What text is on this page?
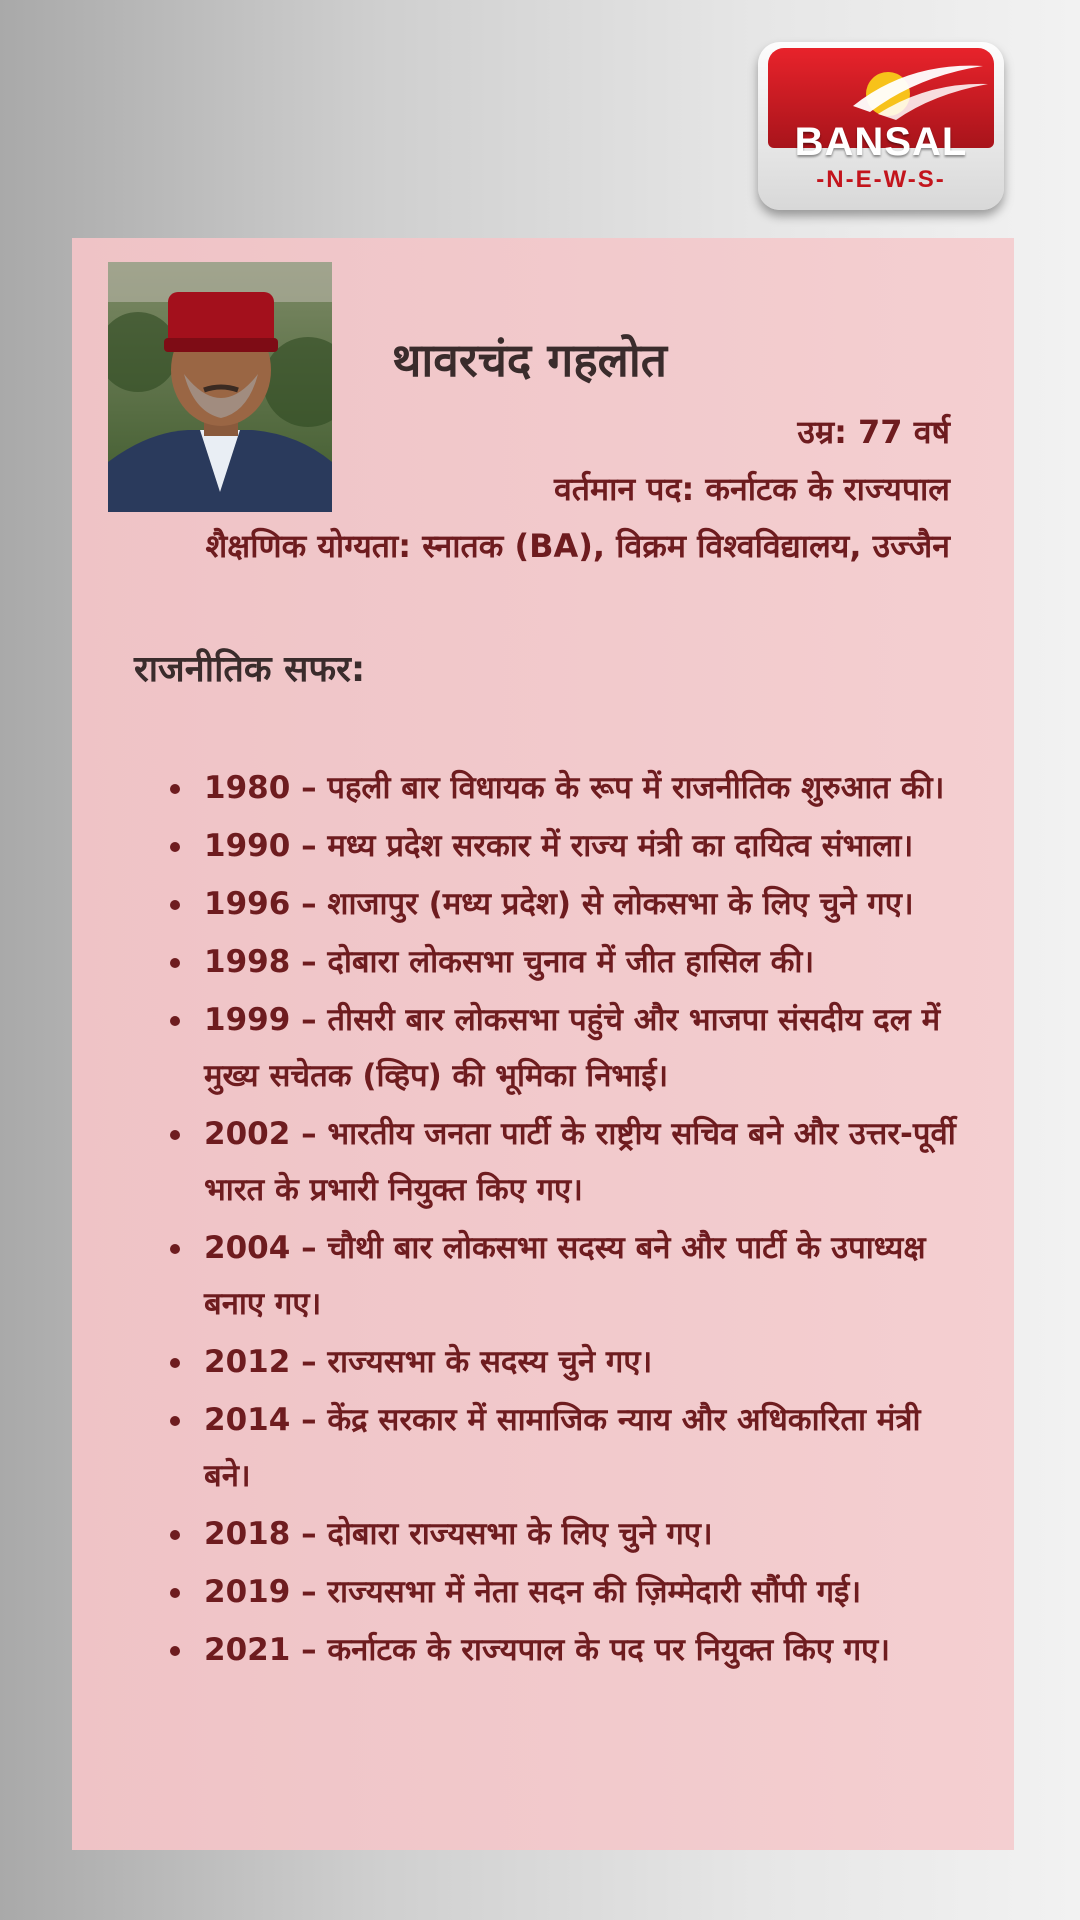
BANSAL
-N-E-W-S-
थावरचंद गहलोत
उम्र: 77 वर्ष
वर्तमान पद: कर्नाटक के राज्यपाल
शैक्षणिक योग्यता: स्नातक (BA), विक्रम विश्वविद्यालय, उज्जैन
राजनीतिक सफर:
1980 – पहली बार विधायक के रूप में राजनीतिक शुरुआत की।
1990 – मध्य प्रदेश सरकार में राज्य मंत्री का दायित्व संभाला।
1996 – शाजापुर (मध्य प्रदेश) से लोकसभा के लिए चुने गए।
1998 – दोबारा लोकसभा चुनाव में जीत हासिल की।
1999 – तीसरी बार लोकसभा पहुंचे और भाजपा संसदीय दल में मुख्य सचेतक (व्हिप) की भूमिका निभाई।
2002 – भारतीय जनता पार्टी के राष्ट्रीय सचिव बने और उत्तर-पूर्वी भारत के प्रभारी नियुक्त किए गए।
2004 – चौथी बार लोकसभा सदस्य बने और पार्टी के उपाध्यक्ष बनाए गए।
2012 – राज्यसभा के सदस्य चुने गए।
2014 – केंद्र सरकार में सामाजिक न्याय और अधिकारिता मंत्री बने।
2018 – दोबारा राज्यसभा के लिए चुने गए।
2019 – राज्यसभा में नेता सदन की ज़िम्मेदारी सौंपी गई।
2021 – कर्नाटक के राज्यपाल के पद पर नियुक्त किए गए।
